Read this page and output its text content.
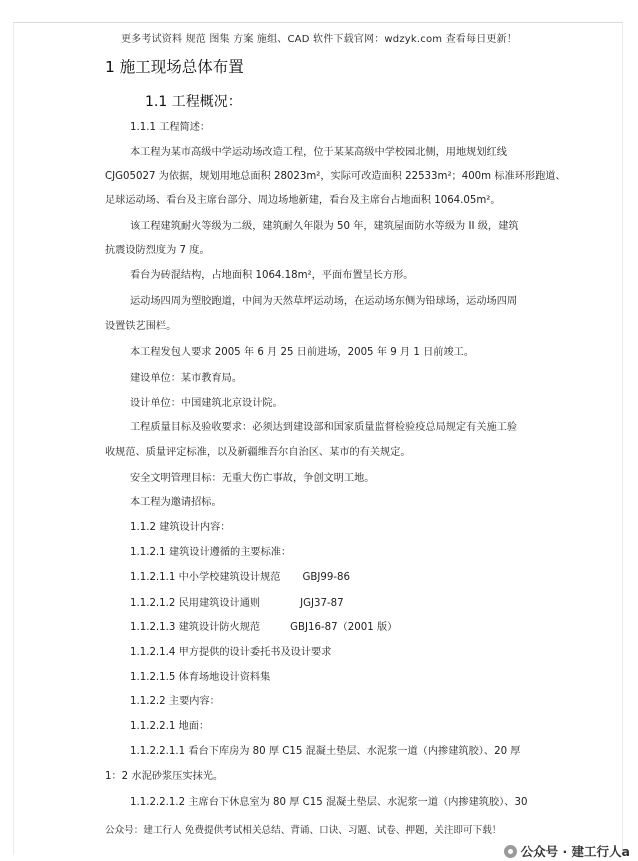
更多考试资料 规范 图集 方案 施组、CAD 软件下载官网：wdzyk.com 查看每日更新！
1 施工现场总体布置
1.1 工程概况：
1.1.1 工程简述：
本工程为某市高级中学运动场改造工程，位于某某高级中学校园北侧，用地规划红线
CJG05027 为依据，规划用地总面积 28023m²，实际可改造面积 22533m²；400m 标准环形跑道、
足球运动场、看台及主席台部分、周边场地新建，看台及主席台占地面积 1064.05m²。
该工程建筑耐火等级为二级，建筑耐久年限为 50 年，建筑屋面防水等级为 II 级，建筑
抗震设防烈度为 7 度。
看台为砖混结构，占地面积 1064.18m²，平面布置呈长方形。
运动场四周为塑胶跑道，中间为天然草坪运动场，在运动场东侧为铅球场，运动场四周
设置铁艺围栏。
本工程发包人要求 2005 年 6 月 25 日前进场，2005 年 9 月 1 日前竣工。
建设单位：某市教育局。
设计单位：中国建筑北京设计院。
工程质量目标及验收要求：必须达到建设部和国家质量监督检验疫总局规定有关施工验
收规范、质量评定标准，以及新疆维吾尔自治区、某市的有关规定。
安全文明管理目标：无重大伤亡事故，争创文明工地。
本工程为邀请招标。
1.1.2 建筑设计内容：
1.1.2.1 建筑设计遵循的主要标准：
1.1.2.1.1 中小学校建筑设计规范 GBJ99-86
1.1.2.1.2 民用建筑设计通则	JGJ37-87
1.1.2.1.3 建筑设计防火规范	GBJ16-87（2001 版）
1.1.2.1.4 甲方提供的设计委托书及设计要求
1.1.2.1.5 体育场地设计资料集
1.1.2.2 主要内容：
1.1.2.2.1 地面：
1.1.2.2.1.1 看台下库房为 80 厚 C15 混凝土垫层、水泥浆一道（内掺建筑胶）、20 厚
1：2 水泥砂浆压实抹光。
1.1.2.2.1.2 主席台下休息室为 80 厚 C15 混凝土垫层、水泥浆一道（内掺建筑胶）、30
公众号：建工行人 免费提供考试相关总结、背诵、口诀、习题、试卷、押题，关注即可下载！
公众号 · 建工行人a
